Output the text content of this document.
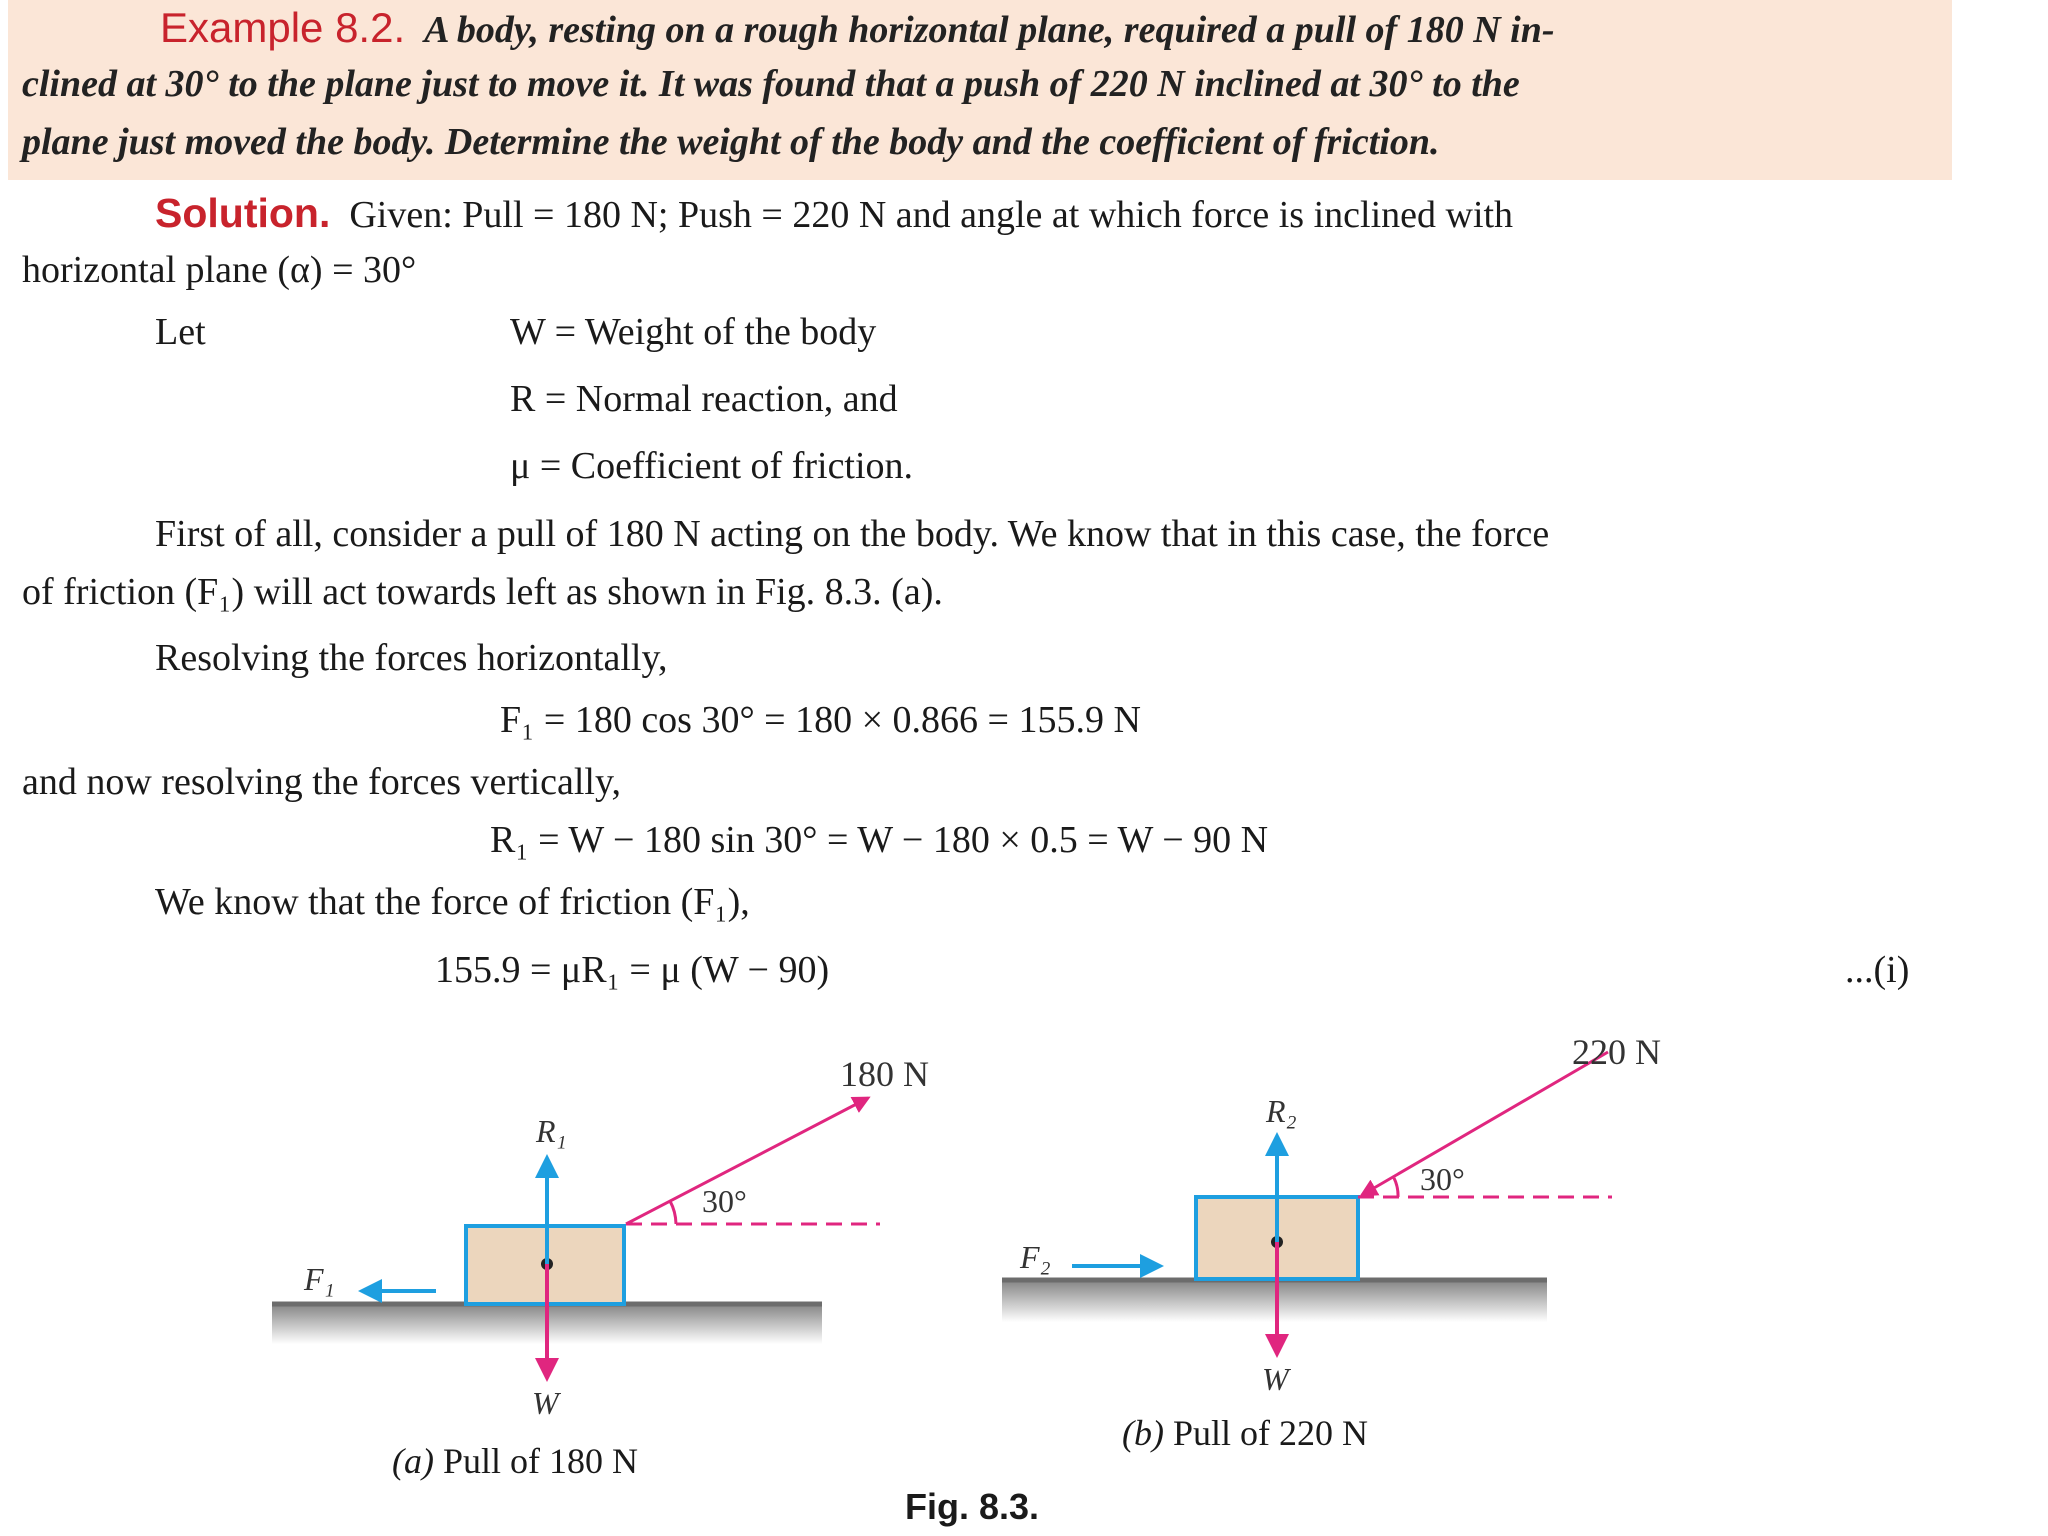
Example 8.2. A body, resting on a rough horizontal plane, required a pull of 180 N in-
clined at 30° to the plane just to move it. It was found that a push of 220 N inclined at 30° to the
plane just moved the body. Determine the weight of the body and the coefficient of friction.
Solution. Given: Pull = 180 N; Push = 220 N and angle at which force is inclined with
horizontal plane (α) = 30°
Let	W = Weight of the body
R = Normal reaction, and
μ = Coefficient of friction.
First of all, consider a pull of 180 N acting on the body. We know that in this case, the force
of friction (F₁) will act towards left as shown in Fig. 8.3. (a).
Resolving the forces horizontally,
F₁ = 180 cos 30° = 180 × 0.866 = 155.9 N
and now resolving the forces vertically,
R₁ = W − 180 sin 30° = W − 180 × 0.5 = W − 90 N
We know that the force of friction (F₁),
155.9 = μR₁ = μ (W − 90)	...(i)
30°
180 N
R₁
F₁
W
30°
220 N
R₂
F₂
W
(a) Pull of 180 N
(b) Pull of 220 N
Fig. 8.3.
